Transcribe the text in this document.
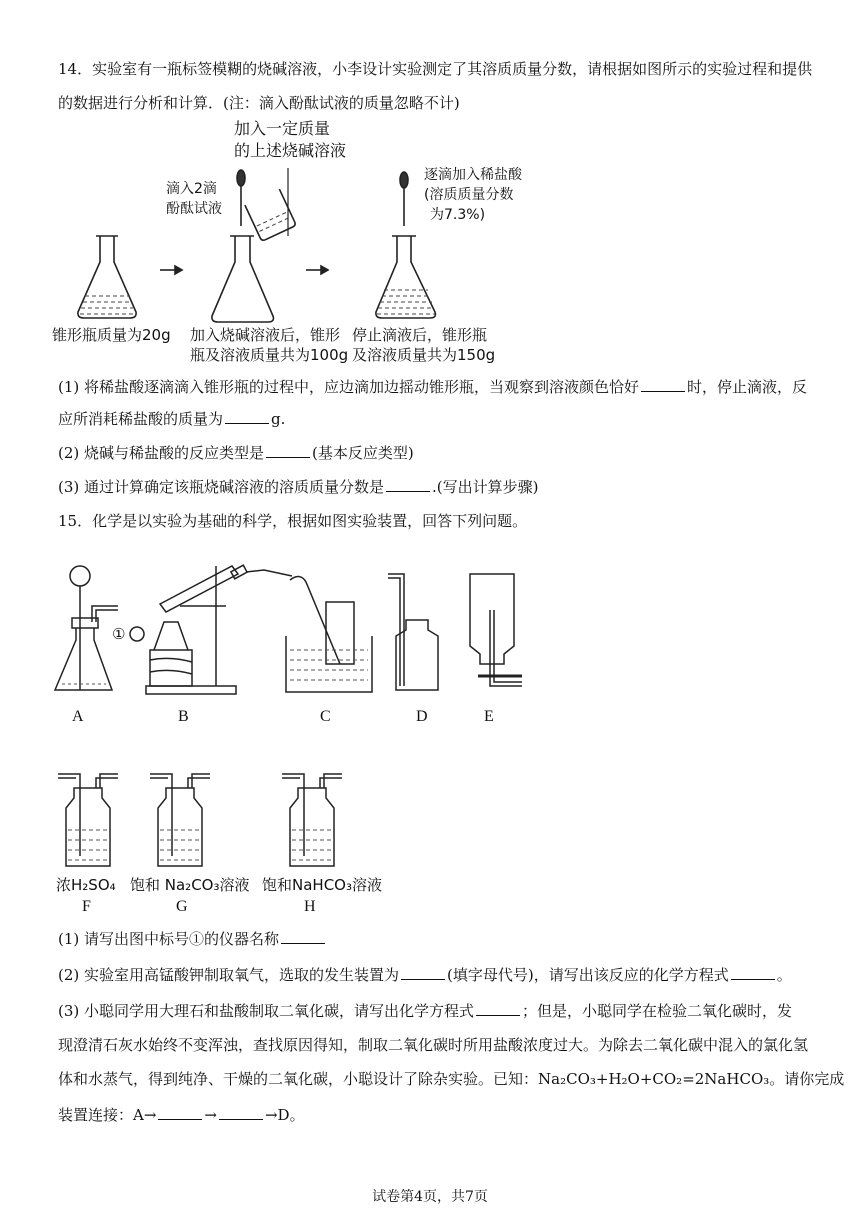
14．实验室有一瓶标签模糊的烧碱溶液，小李设计实验测定了其溶质质量分数，请根据如图所示的实验过程和提供
的数据进行分析和计算．(注：滴入酚酞试液的质量忽略不计)
加入一定质量
的上述烧碱溶液
滴入2滴
酚酞试液
逐滴加入稀盐酸
(溶质质量分数
为7.3%)
锥形瓶质量为20g 加入烧碱溶液后，锥形
瓶及溶液质量共为100g
停止滴液后，锥形瓶
及溶液质量共为150g
(1) 将稀盐酸逐滴滴入锥形瓶的过程中，应边滴加边摇动锥形瓶，当观察到溶液颜色恰好	时，停止滴液，反
应所消耗稀盐酸的质量为	g.
(2) 烧碱与稀盐酸的反应类型是	(基本反应类型)
(3) 通过计算确定该瓶烧碱溶液的溶质质量分数是	.(写出计算步骤)
15．化学是以实验为基础的科学，根据如图实验装置，回答下列问题。
①
A	B	C	D	E
浓H₂SO₄ 饱和 Na₂CO₃溶液 饱和NaHCO₃溶液
F	G	H
(1) 请写出图中标号①的仪器名称
(2) 实验室用高锰酸钾制取氧气，选取的发生装置为	(填字母代号)，请写出该反应的化学方程式	。
(3) 小聪同学用大理石和盐酸制取二氧化碳，请写出化学方程式	；但是，小聪同学在检验二氧化碳时，发
现澄清石灰水始终不变浑浊，查找原因得知，制取二氧化碳时所用盐酸浓度过大。为除去二氧化碳中混入的氯化氢
体和水蒸气，得到纯净、干燥的二氧化碳，小聪设计了除杂实验。已知：Na₂CO₃+H₂O+CO₂=2NaHCO₃。请你完成
装置连接：A→	→	→D。
试卷第4页，共7页
